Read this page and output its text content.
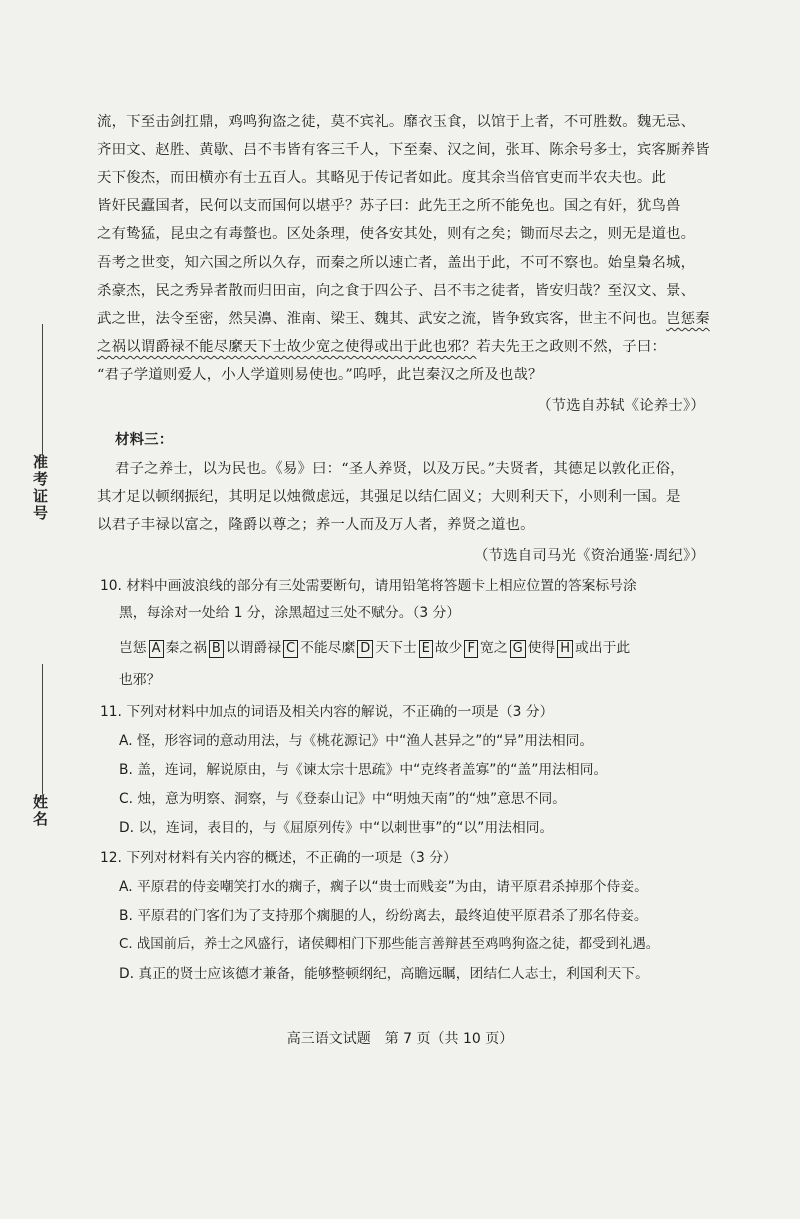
准考证号
姓名
流，下至击剑扛鼎，鸡鸣狗盗之徒，莫不宾礼。靡衣玉食，以馆于上者，不可胜数。魏无忌、
齐田文、赵胜、黄歇、吕不韦皆有客三千人，下至秦、汉之间，张耳、陈余号多士，宾客厮养皆
天下俊杰，而田横亦有士五百人。其略见于传记者如此。度其余当倍官吏而半农夫也。此
皆奸民蠹国者，民何以支而国何以堪乎？苏子曰：此先王之所不能免也。国之有奸，犹鸟兽
之有鸷猛，昆虫之有毒螫也。区处条理，使各安其处，则有之矣；锄而尽去之，则无是道也。
吾考之世变，知六国之所以久存，而秦之所以速亡者，盖出于此，不可不察也。始皇梟名城，
杀豪杰，民之秀异者散而归田亩，向之食于四公子、吕不韦之徒者，皆安归哉？至汉文、景、
武之世，法令至密，然吴濞、淮南、梁王、魏其、武安之流，皆争致宾客，世主不问也。岂惩秦
之祸以谓爵禄不能尽縻天下士故少宽之使得或出于此也邪？若夫先王之政则不然，子曰：
“君子学道则爱人，小人学道则易使也。”呜呼，此岂秦汉之所及也哉？
（节选自苏轼《论养士》）
材料三：
君子之养士，以为民也。《易》曰：“圣人养贤，以及万民。”夫贤者，其德足以敦化正俗，
其才足以顿纲振纪，其明足以烛微虑远，其强足以结仁固义；大则利天下，小则利一国。是
以君子丰禄以富之，隆爵以尊之；养一人而及万人者，养贤之道也。
（节选自司马光《资治通鉴·周纪》）
10. 材料中画波浪线的部分有三处需要断句，请用铅笔将答题卡上相应位置的答案标号涂
黑，每涂对一处给 1 分，涂黑超过三处不赋分。（3 分）
岂惩 A 秦之祸 B 以谓爵禄 C 不能尽縻 D 天下士 E 故少 F 宽之 G 使得 H 或出于此
也邪？
11. 下列对材料中加点的词语及相关内容的解说，不正确的一项是（3 分）
A. 怪，形容词的意动用法，与《桃花源记》中“渔人甚异之”的“异”用法相同。
B. 盖，连词，解说原由，与《谏太宗十思疏》中“克终者盖寡”的“盖”用法相同。
C. 烛，意为明察、洞察，与《登泰山记》中“明烛天南”的“烛”意思不同。
D. 以，连词，表目的，与《屈原列传》中“以刺世事”的“以”用法相同。
12. 下列对材料有关内容的概述，不正确的一项是（3 分）
A. 平原君的侍妾嘲笑打水的瘸子，瘸子以“贵士而贱妾”为由，请平原君杀掉那个侍妾。
B. 平原君的门客们为了支持那个瘸腿的人，纷纷离去，最终迫使平原君杀了那名侍妾。
C. 战国前后，养士之风盛行，诸侯卿相门下那些能言善辩甚至鸡鸣狗盗之徒，都受到礼遇。
D. 真正的贤士应该德才兼备，能够整顿纲纪，高瞻远瞩，团结仁人志士，利国利天下。
高三语文试题　第 7 页（共 10 页）
